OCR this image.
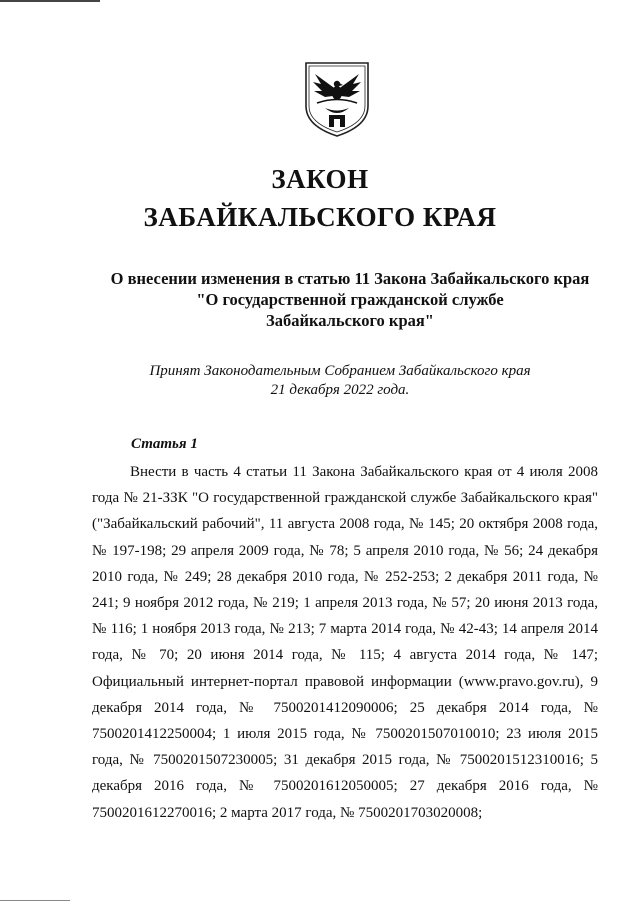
ЗАКОН
ЗАБАЙКАЛЬСКОГО КРАЯ
О внесении изменения в статью 11 Закона Забайкальского края
"О государственной гражданской службе
Забайкальского края"
Принят Законодательным Собранием Забайкальского края
21 декабря 2022 года.
Статья 1

Внести в часть 4 статьи 11 Закона Забайкальского края от 4 июля 2008 года № 21-ЗЗК "О государственной гражданской службе Забайкальского края" ("Забайкальский рабочий", 11 августа 2008 года, № 145; 20 октября 2008 года, № 197-198; 29 апреля 2009 года, № 78; 5 апреля 2010 года, № 56; 24 декабря 2010 года, № 249; 28 декабря 2010 года, № 252-253; 2 декабря 2011 года, № 241; 9 ноября 2012 года, № 219; 1 апреля 2013 года, № 57; 20 июня 2013 года, № 116; 1 ноября 2013 года, № 213; 7 марта 2014 года, № 42-43; 14 апреля 2014 года, № 70; 20 июня 2014 года, № 115; 4 августа 2014 года, № 147; Официальный интернет-портал правовой информации (www.pravo.gov.ru), 9 декабря 2014 года, № 7500201412090006; 25 декабря 2014 года, № 7500201412250004; 1 июля 2015 года, № 7500201507010010; 23 июля 2015 года, № 7500201507230005; 31 декабря 2015 года, № 7500201512310016; 5 декабря 2016 года, № 7500201612050005; 27 декабря 2016 года, № 7500201612270016; 2 марта 2017 года, № 7500201703020008;
